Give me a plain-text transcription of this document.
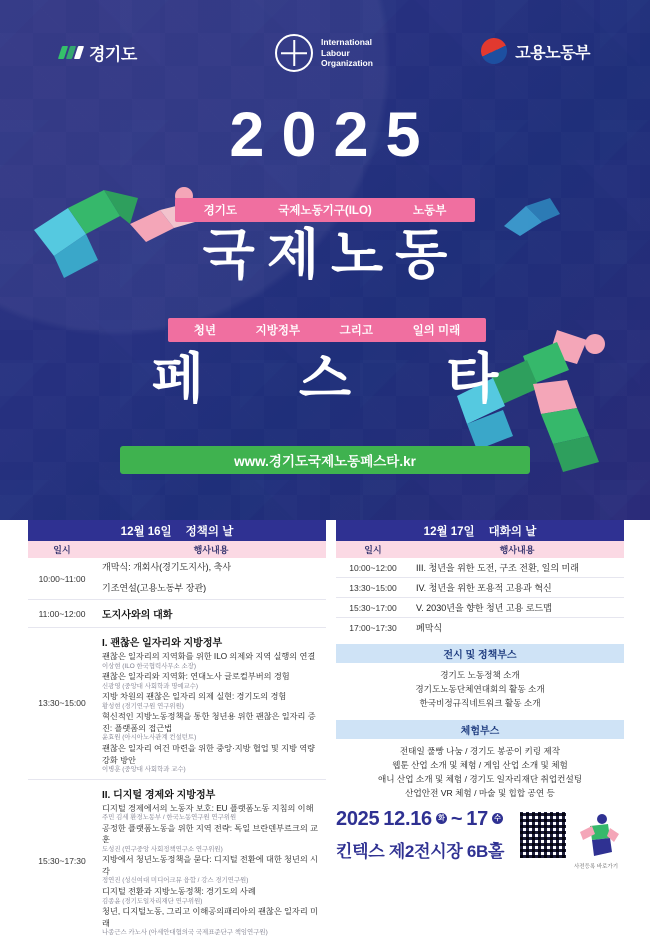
경기도
International
Labour
Organization
고용노동부
2025
경기도	국제노동기구(ILO)	노동부
국제노동
청년	지방정부	그리고	일의 미래
페 스 타
www.경기도국제노동페스타.kr
12월 16일 정책의 날
일시	행사내용
10:00~11:00
개막식: 개회사(경기도지사), 축사
기조연설(고용노동부 장관)
11:00~12:00	도지사와의 대화
13:30~15:00
I. 괜찮은 일자리와 지방정부
괜찮은 일자리의 지역화를 위한 ILO 의제와 지역 실행의 연결
이상현 (ILO 한국협력사무소 소장)
괜찮은 일자리와 지역화: 연대노사 글로컬부버의 경험
신광영 (중앙대 사회학과 명예교수)
지방 차원의 괜찮은 일자리 의제 실현: 경기도의 경험
황성현 (경기연구원 연구위원)
혁신적인 지방노동정책을 통한 청년용 위한 괜찮은 일자리 증진: 플랫폼의 접근법
윤효원 (아시아노사관계 컨설턴트)
괜찮은 일자리 여건 마련을 위한 중앙·지방 협업 및 지방 역량 강화 방안
이병훈 (중앙대 사회학과 교수)
15:30~17:30
II. 디지털 경제와 지방정부
디지털 경제에서의 노동자 보호: EU 플랫폼노동 지침의 이해
주민 김세 환경노동부 / 한국노동연구원 연구위원
공정한 플랫폼노동을 위한 지역 전략: 독일 브란덴부르크의 교훈
도성진 (연구중앙 사회정책연구소 연구위원)
지방에서 청년노동정책을 묻다: 디지털 전환에 대한 청년의 시각
정연진 (성신여대 미디어크뮤 융합 / 강스 경기연구원)
디지털 전환과 지방노동정책: 경기도의 사례
김종윤 (경기도일자리재단 연구위원)
청년, 디지털노동, 그리고 이해공의패리아의 괜찮은 일자리 미래
나종근스 카노사 (아세안대협의국 국제표준단구 책임연구원)
12월 17일 대화의 날
일시	행사내용
10:00~12:00	III. 청년을 위한 도전, 구조 전환, 일의 미래
13:30~15:00	IV. 청년을 위한 포용적 고용과 혁신
15:30~17:00	V. 2030년을 향한 청년 고용 로드맵
17:00~17:30	폐막식
전시 및 정책부스
경기도 노동정책 소개
경기도노동단체연대회의 활동 소개
한국비정규직네트워크 활동 소개
체험부스
전태일 풀빵 나눔 / 경기도 봉공이 키링 제작
웹툰 산업 소개 및 체험 / 게임 산업 소개 및 체험
애니 산업 소개 및 체험 / 경기도 일자리재단 취업컨설팅
산업안전 VR 체험 / 마술 및 힙합 공연 등
2025 12.16 화 ~ 17 수
킨텍스 제2전시장 6B홀
사전등록 바로가기
